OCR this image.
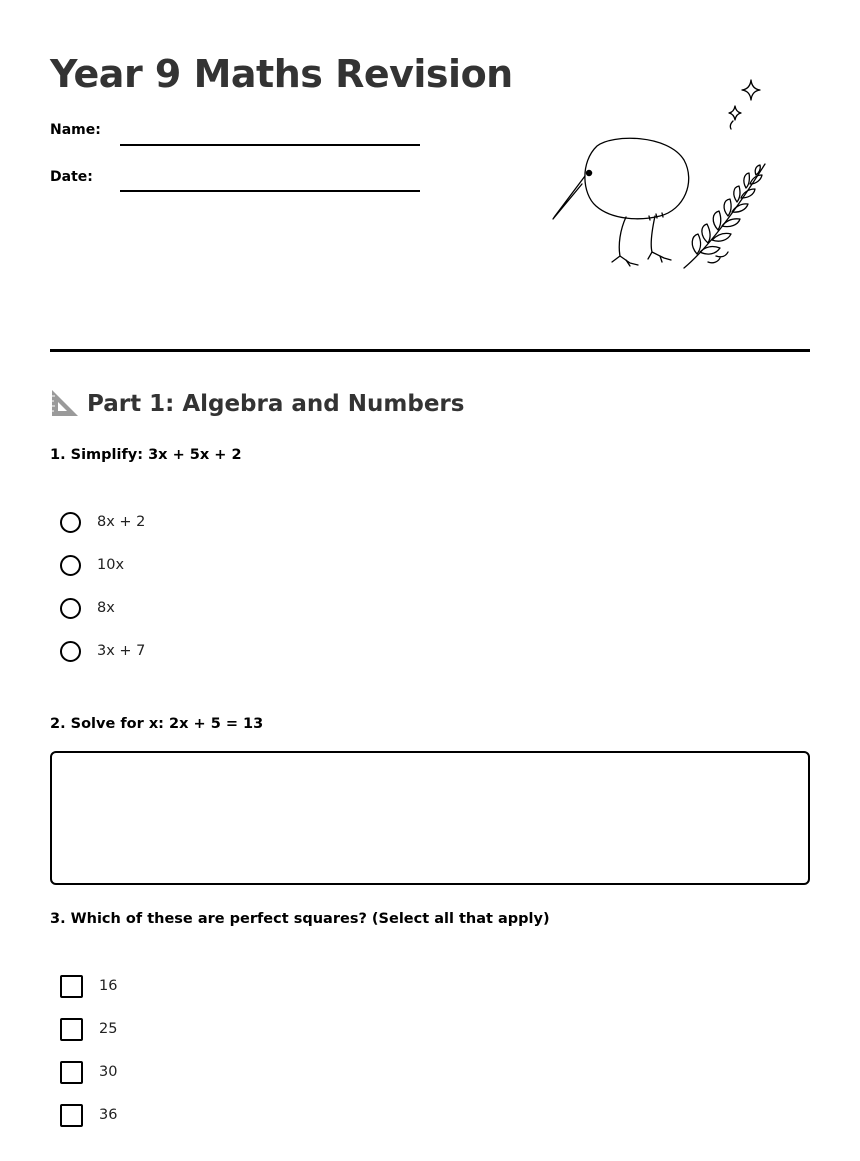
Year 9 Maths Revision
Name:
Date:
Part 1: Algebra and Numbers

1. Simplify: 3x + 5x + 2

8x + 2
10x
8x
3x + 7

2. Solve for x: 2x + 5 = 13

3. Which of these are perfect squares? (Select all that apply)

16
25
30
36
